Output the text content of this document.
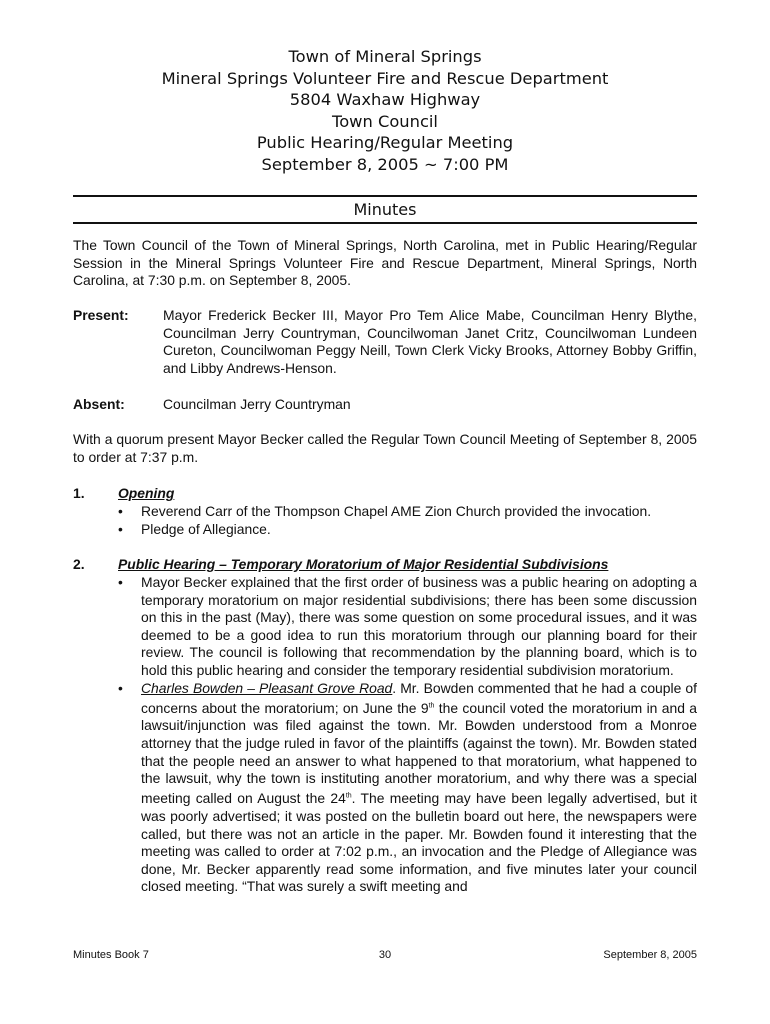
Town of Mineral Springs
Mineral Springs Volunteer Fire and Rescue Department
5804 Waxhaw Highway
Town Council
Public Hearing/Regular Meeting
September 8, 2005 ~ 7:00 PM
Minutes

The Town Council of the Town of Mineral Springs, North Carolina, met in Public Hearing/Regular Session in the Mineral Springs Volunteer Fire and Rescue Department, Mineral Springs, North Carolina, at 7:30 p.m. on September 8, 2005.

Present: Mayor Frederick Becker III, Mayor Pro Tem Alice Mabe, Councilman Henry Blythe, Councilman Jerry Countryman, Councilwoman Janet Critz, Councilwoman Lundeen Cureton, Councilwoman Peggy Neill, Town Clerk Vicky Brooks, Attorney Bobby Griffin, and Libby Andrews-Henson.
Absent:	Councilman Jerry Countryman

With a quorum present Mayor Becker called the Regular Town Council Meeting of September 8, 2005 to order at 7:37 p.m.

1. Opening
• Reverend Carr of the Thompson Chapel AME Zion Church provided the invocation.
• Pledge of Allegiance.
2. Public Hearing – Temporary Moratorium of Major Residential Subdivisions
• Mayor Becker explained that the first order of business was a public hearing on adopting a temporary moratorium on major residential subdivisions; there has been some discussion on this in the past (May), there was some question on some procedural issues, and it was deemed to be a good idea to run this moratorium through our planning board for their review. The council is following that recommendation by the planning board, which is to hold this public hearing and consider the temporary residential subdivision moratorium.
• Charles Bowden – Pleasant Grove Road. Mr. Bowden commented that he had a couple of concerns about the moratorium; on June the 9th the council voted the moratorium in and a lawsuit/injunction was filed against the town. Mr. Bowden understood from a Monroe attorney that the judge ruled in favor of the plaintiffs (against the town). Mr. Bowden stated that the people need an answer to what happened to that moratorium, what happened to the lawsuit, why the town is instituting another moratorium, and why there was a special meeting called on August the 24th. The meeting may have been legally advertised, but it was poorly advertised; it was posted on the bulletin board out here, the newspapers were called, but there was not an article in the paper. Mr. Bowden found it interesting that the meeting was called to order at 7:02 p.m., an invocation and the Pledge of Allegiance was done, Mr. Becker apparently read some information, and five minutes later your council closed meeting. “That was surely a swift meeting and
Minutes Book 7	30	September 8, 2005
